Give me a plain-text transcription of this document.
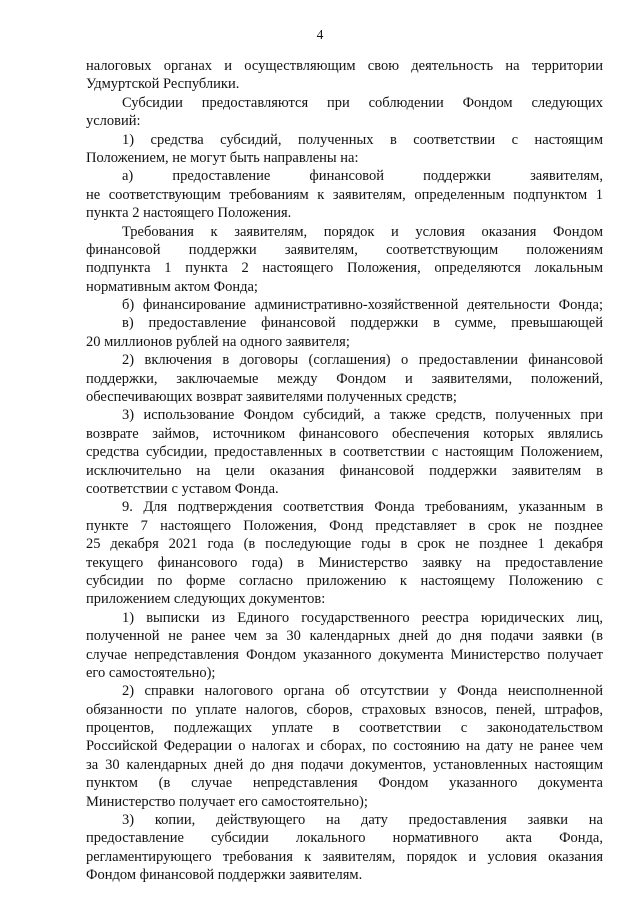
4
налоговых органах и осуществляющим свою деятельность на территории
Удмуртской Республики.
Субсидии предоставляются при соблюдении Фондом следующих
условий:
1) средства субсидий, полученных в соответствии с настоящим
Положением, не могут быть направлены на:
а) предоставление финансовой поддержки заявителям,
не соответствующим требованиям к заявителям, определенным подпунктом 1
пункта 2 настоящего Положения.
Требования к заявителям, порядок и условия оказания Фондом
финансовой поддержки заявителям, соответствующим положениям
подпункта 1 пункта 2 настоящего Положения, определяются локальным
нормативным актом Фонда;
б) финансирование административно-хозяйственной деятельности Фонда;
в) предоставление финансовой поддержки в сумме, превышающей
20 миллионов рублей на одного заявителя;
2) включения в договоры (соглашения) о предоставлении финансовой
поддержки, заключаемые между Фондом и заявителями, положений,
обеспечивающих возврат заявителями полученных средств;
3) использование Фондом субсидий, а также средств, полученных при
возврате займов, источником финансового обеспечения которых являлись
средства субсидии, предоставленных в соответствии с настоящим Положением,
исключительно на цели оказания финансовой поддержки заявителям в
соответствии с уставом Фонда.
9. Для подтверждения соответствия Фонда требованиям, указанным в
пункте 7 настоящего Положения, Фонд представляет в срок не позднее
25 декабря 2021 года (в последующие годы в срок не позднее 1 декабря
текущего финансового года) в Министерство заявку на предоставление
субсидии по форме согласно приложению к настоящему Положению с
приложением следующих документов:
1) выписки из Единого государственного реестра юридических лиц,
полученной не ранее чем за 30 календарных дней до дня подачи заявки (в
случае непредставления Фондом указанного документа Министерство получает
его самостоятельно);
2) справки налогового органа об отсутствии у Фонда неисполненной
обязанности по уплате налогов, сборов, страховых взносов, пеней, штрафов,
процентов, подлежащих уплате в соответствии с законодательством
Российской Федерации о налогах и сборах, по состоянию на дату не ранее чем
за 30 календарных дней до дня подачи документов, установленных настоящим
пунктом (в случае непредставления Фондом указанного документа
Министерство получает его самостоятельно);
3) копии, действующего на дату предоставления заявки на
предоставление субсидии локального нормативного акта Фонда,
регламентирующего требования к заявителям, порядок и условия оказания
Фондом финансовой поддержки заявителям.
